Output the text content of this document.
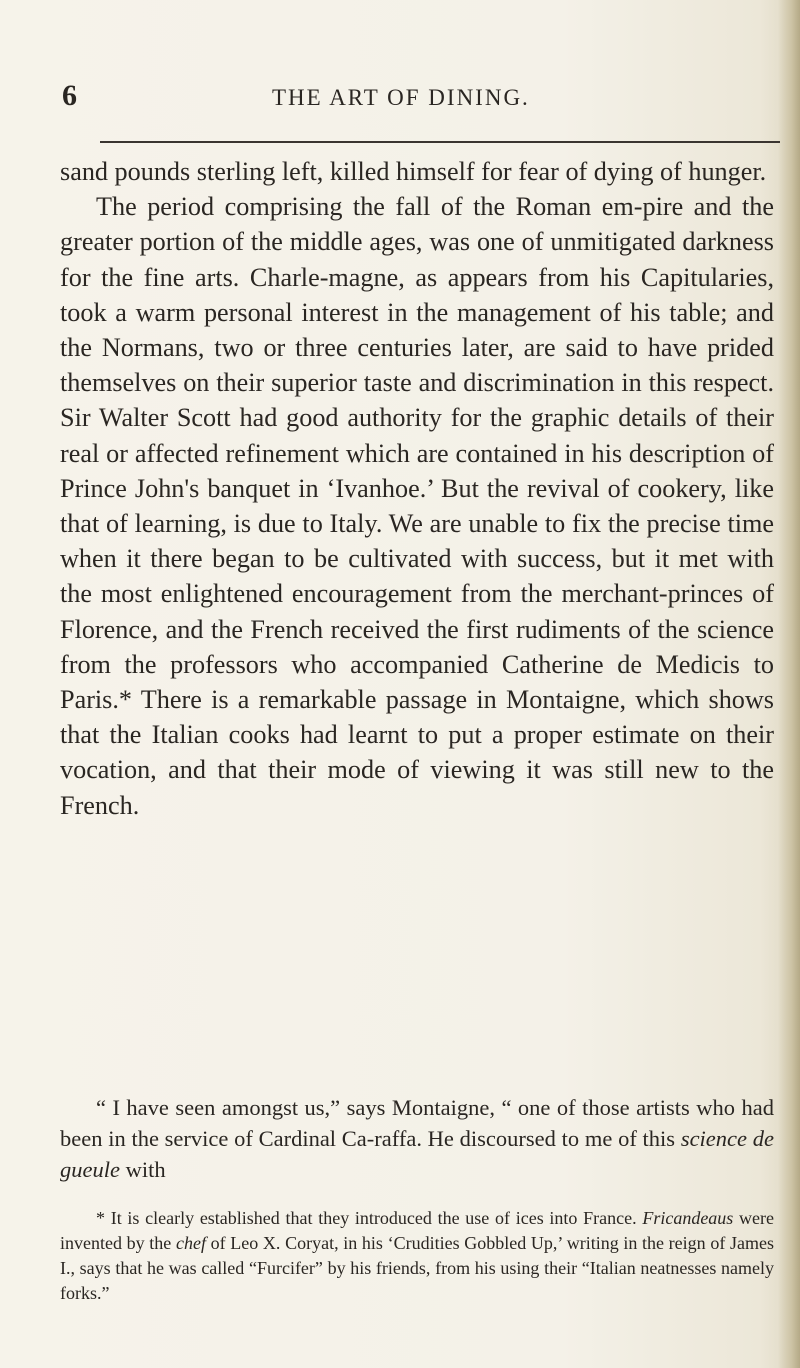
6	THE ART OF DINING.

sand pounds sterling left, killed himself for fear of dying of hunger.

The period comprising the fall of the Roman em-pire and the greater portion of the middle ages, was one of unmitigated darkness for the fine arts. Charle-magne, as appears from his Capitularies, took a warm personal interest in the management of his table; and the Normans, two or three centuries later, are said to have prided themselves on their superior taste and discrimination in this respect. Sir Walter Scott had good authority for the graphic details of their real or affected refinement which are contained in his description of Prince John's banquet in ‘Ivanhoe.’ But the revival of cookery, like that of learning, is due to Italy. We are unable to fix the precise time when it there began to be cultivated with success, but it met with the most enlightened encouragement from the merchant-princes of Florence, and the French received the first rudiments of the science from the professors who accompanied Catherine de Medicis to Paris.* There is a remarkable passage in Montaigne, which shows that the Italian cooks had learnt to put a proper estimate on their vocation, and that their mode of viewing it was still new to the French.

“ I have seen amongst us,” says Montaigne, “ one of those artists who had been in the service of Cardinal Ca-raffa. He discoursed to me of this science de gueule with

* It is clearly established that they introduced the use of ices into France. Fricandeaus were invented by the chef of Leo X. Coryat, in his ‘Crudities Gobbled Up,’ writing in the reign of James I., says that he was called “Furcifer” by his friends, from his using their “Italian neatnesses namely forks.”
